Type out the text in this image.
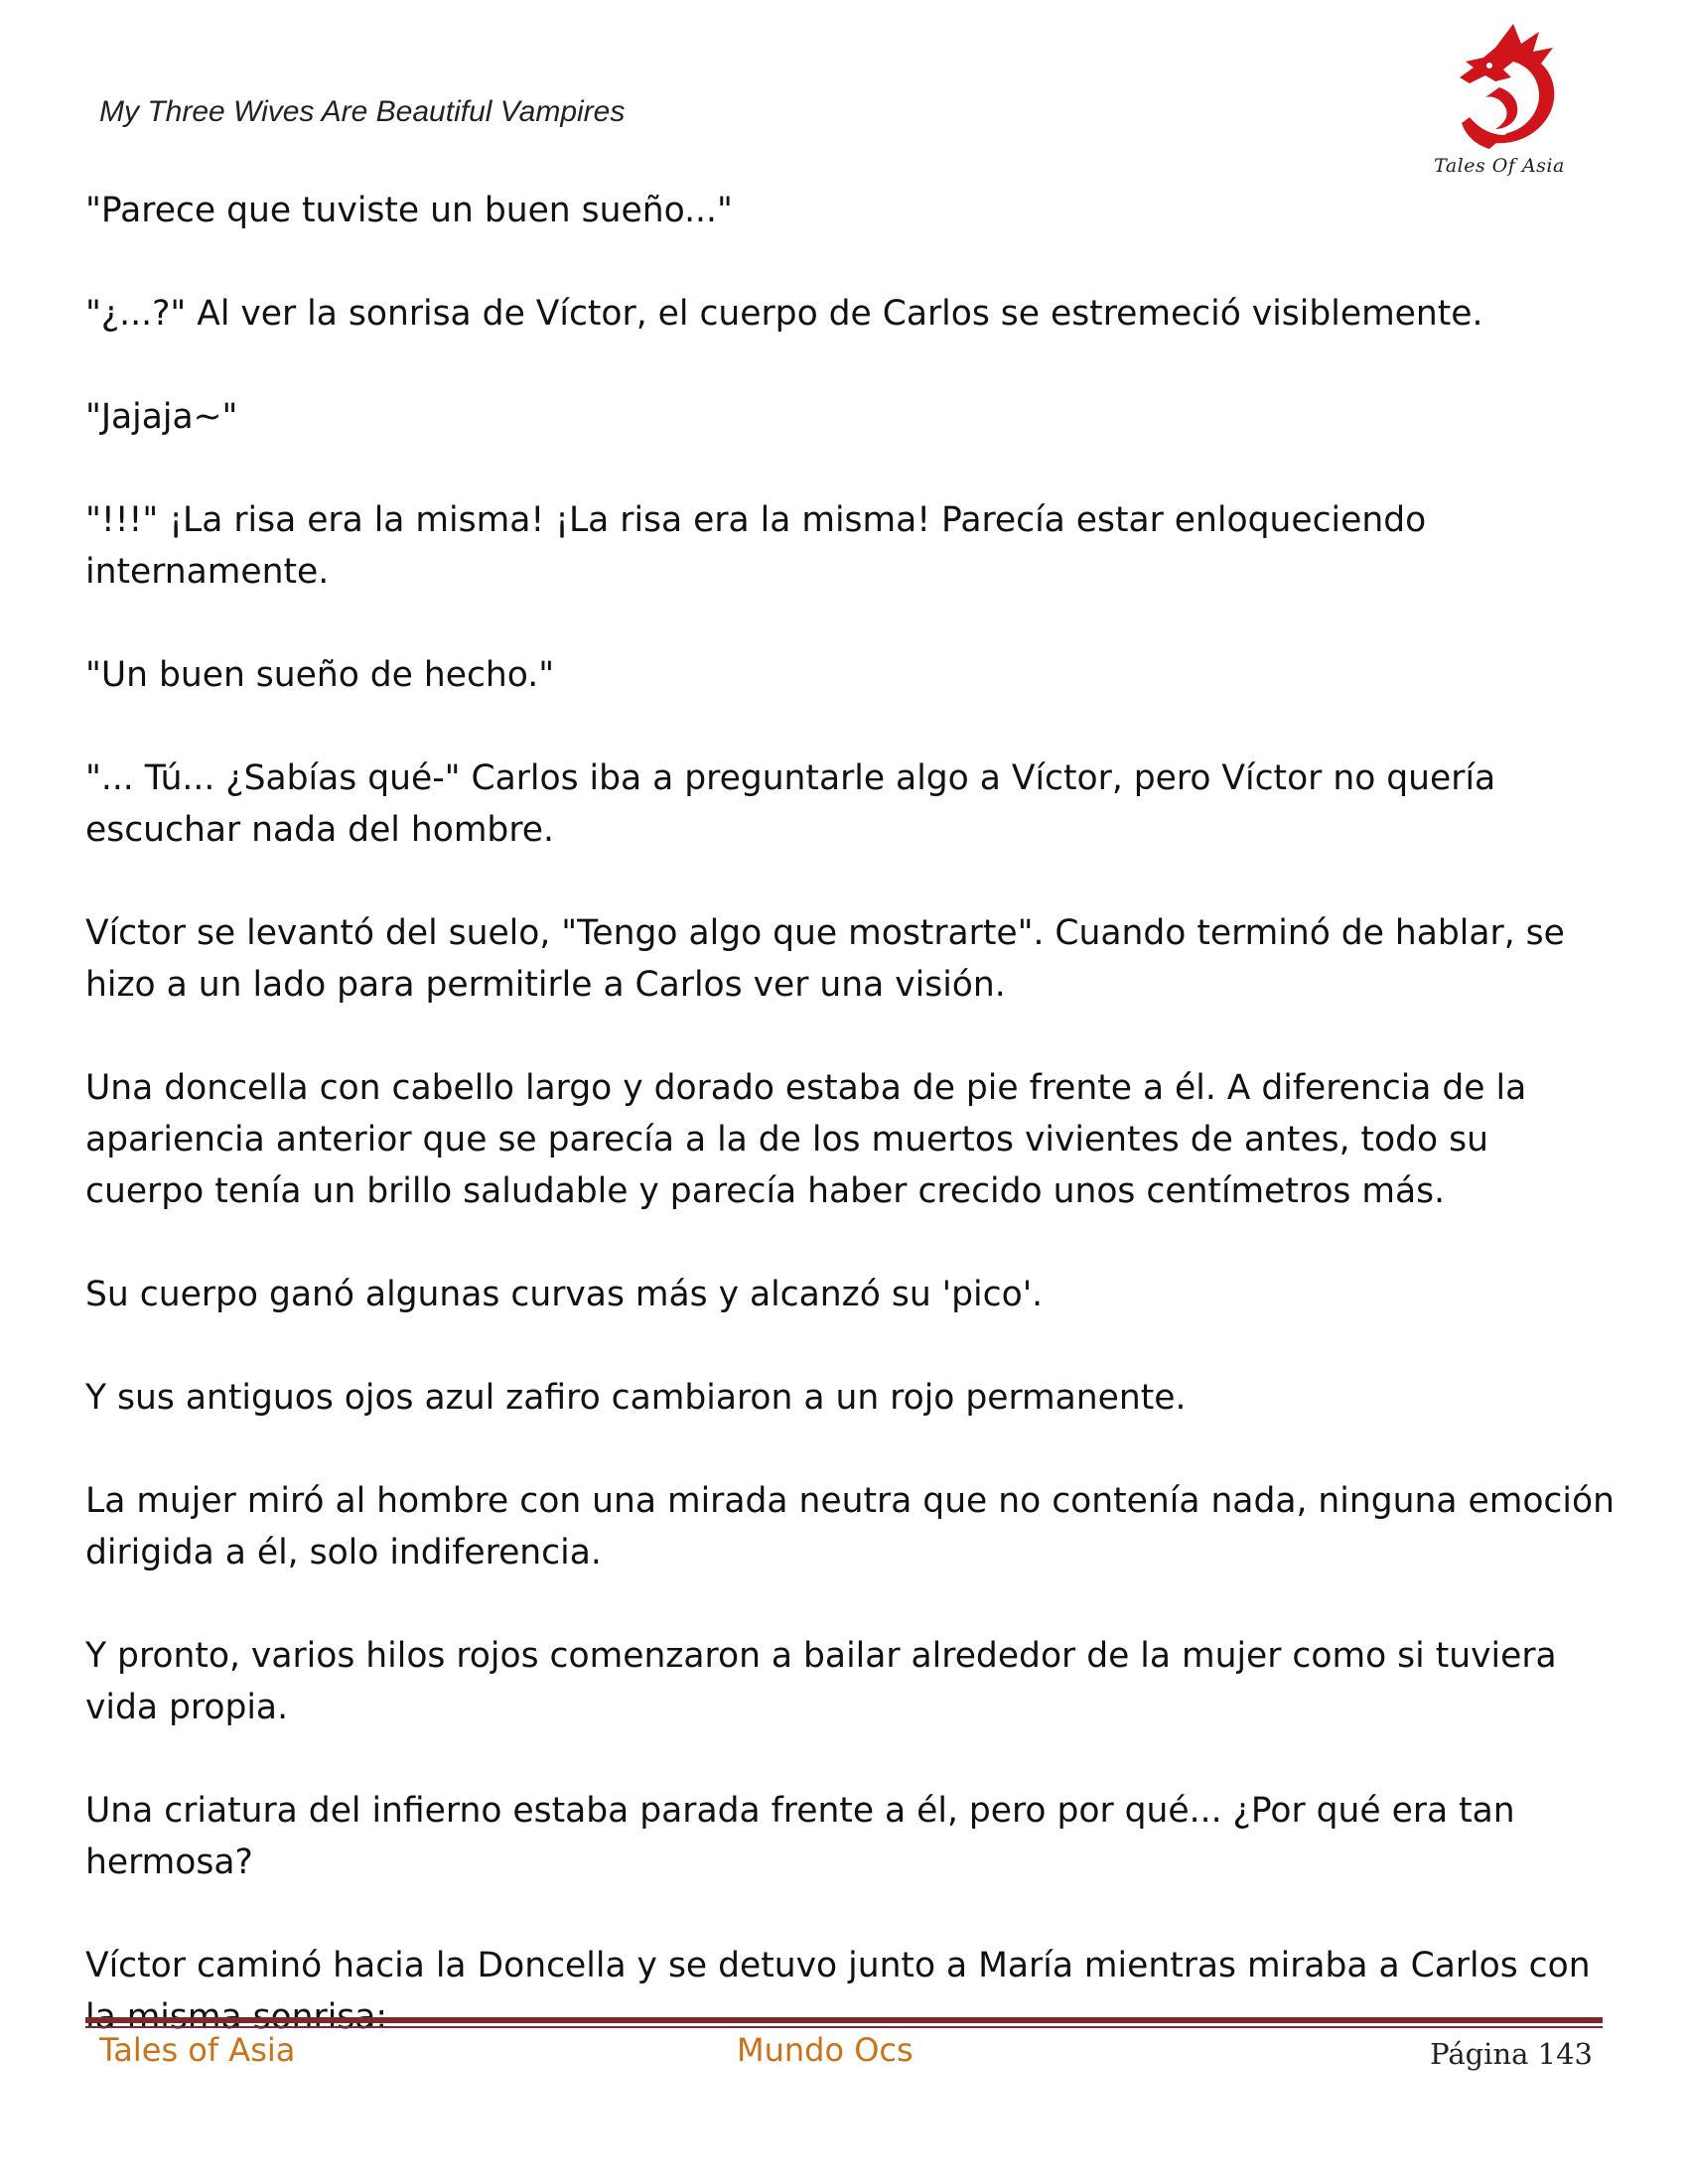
My Three Wives Are Beautiful Vampires
Tales Of Asia

"Parece que tuviste un buen sueño..."

"¿...?" Al ver la sonrisa de Víctor, el cuerpo de Carlos se estremeció visiblemente.

"Jajaja~"

"!!!" ¡La risa era la misma! ¡La risa era la misma! Parecía estar enloqueciendo internamente.

"Un buen sueño de hecho."

"... Tú... ¿Sabías qué-" Carlos iba a preguntarle algo a Víctor, pero Víctor no quería escuchar nada del hombre.

Víctor se levantó del suelo, "Tengo algo que mostrarte". Cuando terminó de hablar, se hizo a un lado para permitirle a Carlos ver una visión.

Una doncella con cabello largo y dorado estaba de pie frente a él. A diferencia de la apariencia anterior que se parecía a la de los muertos vivientes de antes, todo su cuerpo tenía un brillo saludable y parecía haber crecido unos centímetros más.

Su cuerpo ganó algunas curvas más y alcanzó su 'pico'.

Y sus antiguos ojos azul zafiro cambiaron a un rojo permanente.

La mujer miró al hombre con una mirada neutra que no contenía nada, ninguna emoción dirigida a él, solo indiferencia.

Y pronto, varios hilos rojos comenzaron a bailar alrededor de la mujer como si tuviera vida propia.

Una criatura del infierno estaba parada frente a él, pero por qué... ¿Por qué era tan hermosa?

Víctor caminó hacia la Doncella y se detuvo junto a María mientras miraba a Carlos con

Tales of Asia	Mundo Ocs	Página 143
